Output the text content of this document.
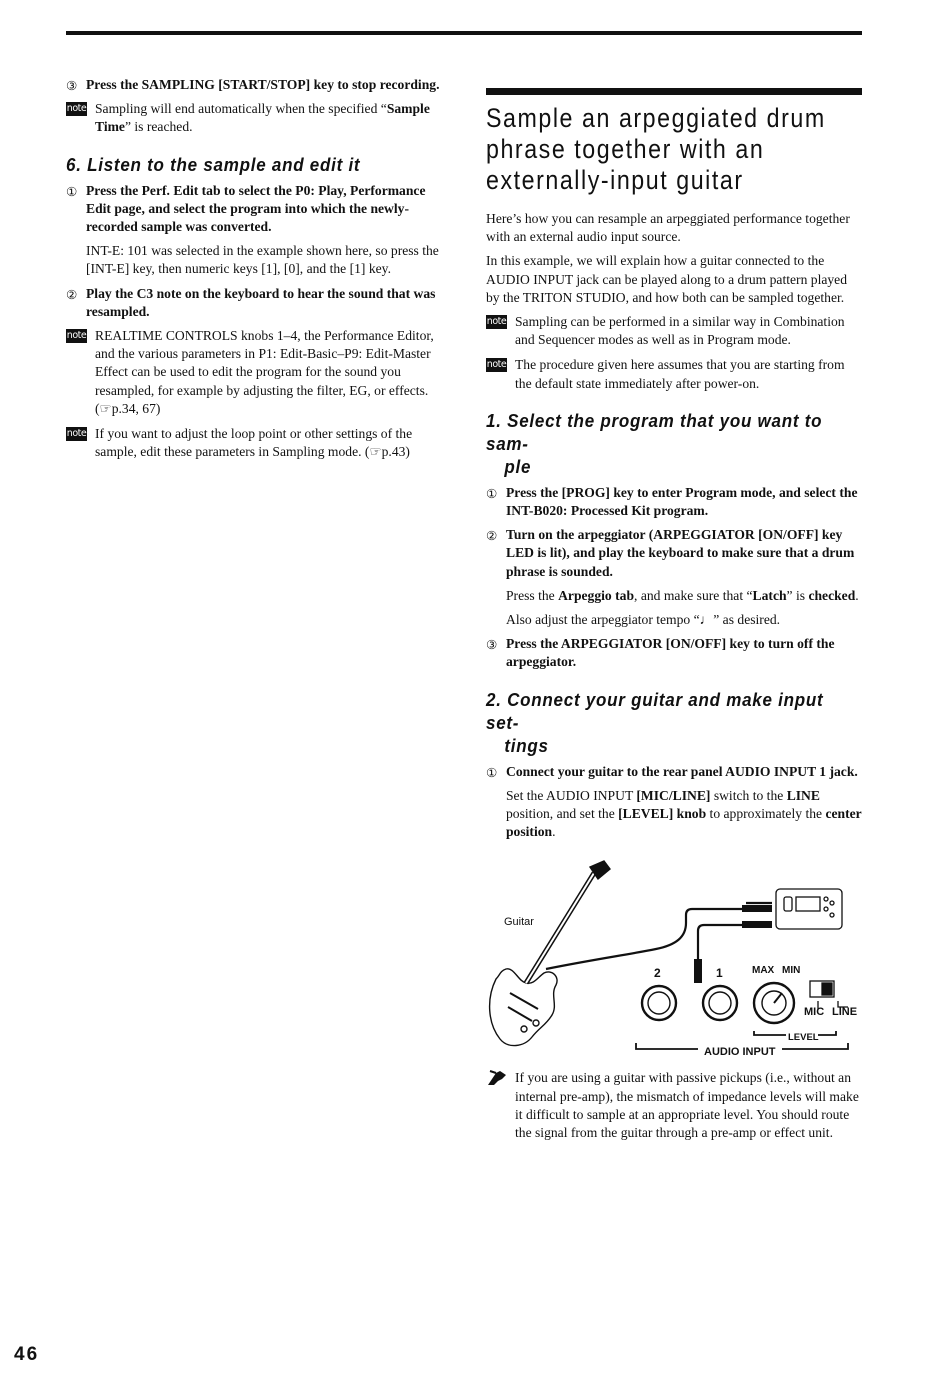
③ Press the SAMPLING [START/STOP] key to stop recording.
note Sampling will end automatically when the specified “Sample Time” is reached.
6. Listen to the sample and edit it
① Press the Perf. Edit tab to select the P0: Play, Performance Edit page, and select the program into which the newly-recorded sample was converted.
INT-E: 101 was selected in the example shown here, so press the [INT-E] key, then numeric keys [1], [0], and the [1] key.
② Play the C3 note on the keyboard to hear the sound that was resampled.
note REALTIME CONTROLS knobs 1–4, the Performance Editor, and the various parameters in P1: Edit-Basic–P9: Edit-Master Effect can be used to edit the program for the sound you resampled, for example by adjusting the filter, EG, or effects. (☞p.34, 67)
note If you want to adjust the loop point or other settings of the sample, edit these parameters in Sampling mode. (☞p.43)
Sample an arpeggiated drum phrase together with an externally-input guitar
Here’s how you can resample an arpeggiated performance together with an external audio input source.
In this example, we will explain how a guitar connected to the AUDIO INPUT jack can be played along to a drum pattern played by the TRITON STUDIO, and how both can be sampled together.
note Sampling can be performed in a similar way in Combination and Sequencer modes as well as in Program mode.
note The procedure given here assumes that you are starting from the default state immediately after power-on.
1. Select the program that you want to sam-
ple
① Press the [PROG] key to enter Program mode, and select the INT-B020: Processed Kit program.
② Turn on the arpeggiator (ARPEGGIATOR [ON/OFF] key LED is lit), and play the keyboard to make sure that a drum phrase is sounded.
Press the Arpeggio tab, and make sure that “Latch” is checked.
Also adjust the arpeggiator tempo “♩” as desired.
③ Press the ARPEGGIATOR [ON/OFF] key to turn off the arpeggiator.
2. Connect your guitar and make input set-
tings
① Connect your guitar to the rear panel AUDIO INPUT 1 jack.
Set the AUDIO INPUT [MIC/LINE] switch to the LINE position, and set the [LEVEL] knob to approximately the center position.
Guitar
2	1	MAX MIN
MIC LINE
LEVEL
AUDIO INPUT
If you are using a guitar with passive pickups (i.e., without an internal pre-amp), the mismatch of impedance levels will make it difficult to sample at an appropriate level. You should route the signal from the guitar through a pre-amp or effect unit.
46
